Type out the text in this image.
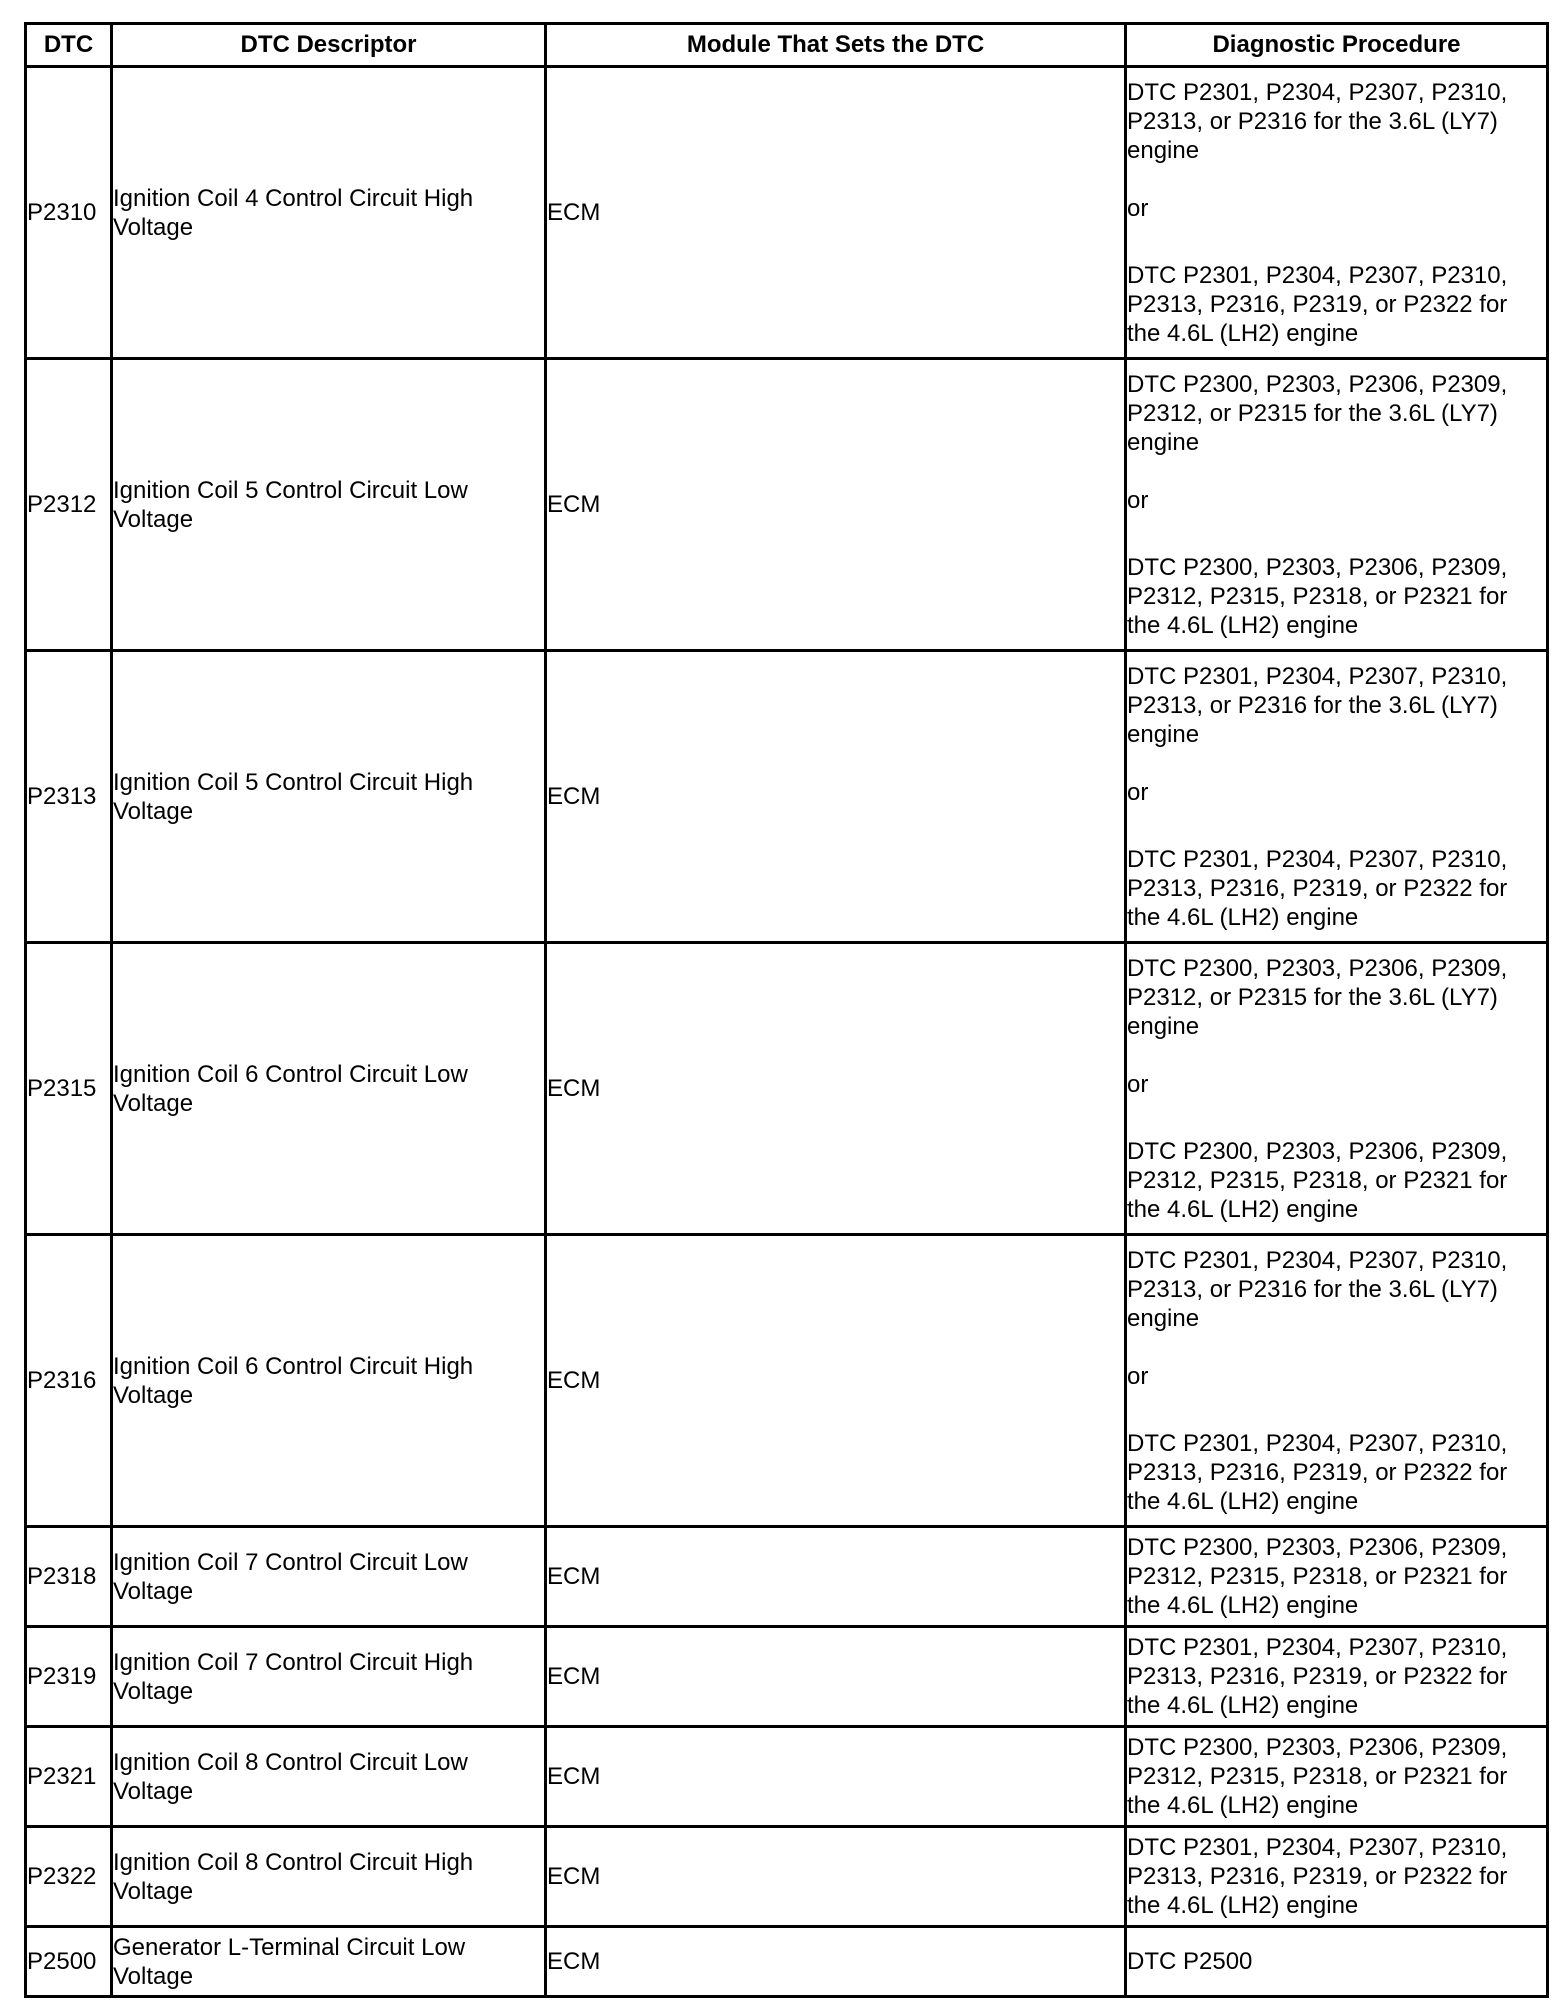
DTC	DTC Descriptor	Module That Sets the DTC	Diagnostic Procedure
P2310	Ignition Coil 4 Control Circuit High Voltage	ECM	DTC P2301, P2304, P2307, P2310, P2313, or P2316 for the 3.6L (LY7) engine
or
DTC P2301, P2304, P2307, P2310, P2313, P2316, P2319, or P2322 for the 4.6L (LH2) engine

P2312	Ignition Coil 5 Control Circuit Low Voltage	ECM	DTC P2300, P2303, P2306, P2309, P2312, or P2315 for the 3.6L (LY7) engine
or
DTC P2300, P2303, P2306, P2309, P2312, P2315, P2318, or P2321 for the 4.6L (LH2) engine

P2313	Ignition Coil 5 Control Circuit High Voltage	ECM	DTC P2301, P2304, P2307, P2310, P2313, or P2316 for the 3.6L (LY7) engine
or
DTC P2301, P2304, P2307, P2310, P2313, P2316, P2319, or P2322 for the 4.6L (LH2) engine

P2315	Ignition Coil 6 Control Circuit Low Voltage	ECM	DTC P2300, P2303, P2306, P2309, P2312, or P2315 for the 3.6L (LY7) engine
or
DTC P2300, P2303, P2306, P2309, P2312, P2315, P2318, or P2321 for the 4.6L (LH2) engine

P2316	Ignition Coil 6 Control Circuit High Voltage	ECM	DTC P2301, P2304, P2307, P2310, P2313, or P2316 for the 3.6L (LY7) engine
or
DTC P2301, P2304, P2307, P2310, P2313, P2316, P2319, or P2322 for the 4.6L (LH2) engine

P2318	Ignition Coil 7 Control Circuit Low Voltage	ECM	DTC P2300, P2303, P2306, P2309, P2312, P2315, P2318, or P2321 for the 4.6L (LH2) engine

P2319	Ignition Coil 7 Control Circuit High Voltage	ECM	DTC P2301, P2304, P2307, P2310, P2313, P2316, P2319, or P2322 for the 4.6L (LH2) engine

P2321	Ignition Coil 8 Control Circuit Low Voltage	ECM	DTC P2300, P2303, P2306, P2309, P2312, P2315, P2318, or P2321 for the 4.6L (LH2) engine

P2322	Ignition Coil 8 Control Circuit High Voltage	ECM	DTC P2301, P2304, P2307, P2310, P2313, P2316, P2319, or P2322 for the 4.6L (LH2) engine

P2500	Generator L-Terminal Circuit Low Voltage	ECM	DTC P2500
